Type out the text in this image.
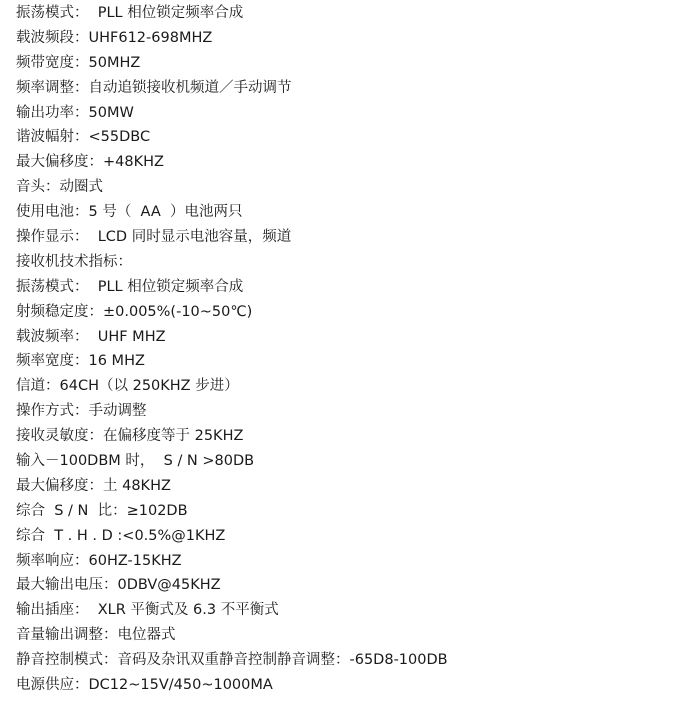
振荡模式：  PLL 相位锁定频率合成
载波频段：UHF612-698MHZ
频带宽度：50MHZ
频率调整：自动追锁接收机频道／手动调节
输出功率：50MW
谐波幅射：<55DBC
最大偏移度：+48KHZ
音头：动圈式
使用电池：5 号（  AA  ）电池两只
操作显示：  LCD 同时显示电池容量，频道
接收机技术指标：
振荡模式：  PLL 相位锁定频率合成
射频稳定度：±0.005%(-10~50℃)
载波频率：  UHF MHZ
频率宽度：16 MHZ
信道：64CH（以 250KHZ 步进）
操作方式：手动调整
接收灵敏度：在偏移度等于 25KHZ
输入－100DBM 时，  S / N >80DB
最大偏移度：土 48KHZ
综合  S / N  比：≥102DB
综合  T . H . D :<0.5%@1KHZ
频率响应：60HZ-15KHZ
最大输出电压：0DBV@45KHZ
输出插座：  XLR 平衡式及 6.3 不平衡式
音量输出调整：电位器式
静音控制模式：音码及杂讯双重静音控制静音调整：-65D8-100DB
电源供应：DC12~15V/450~1000MA
